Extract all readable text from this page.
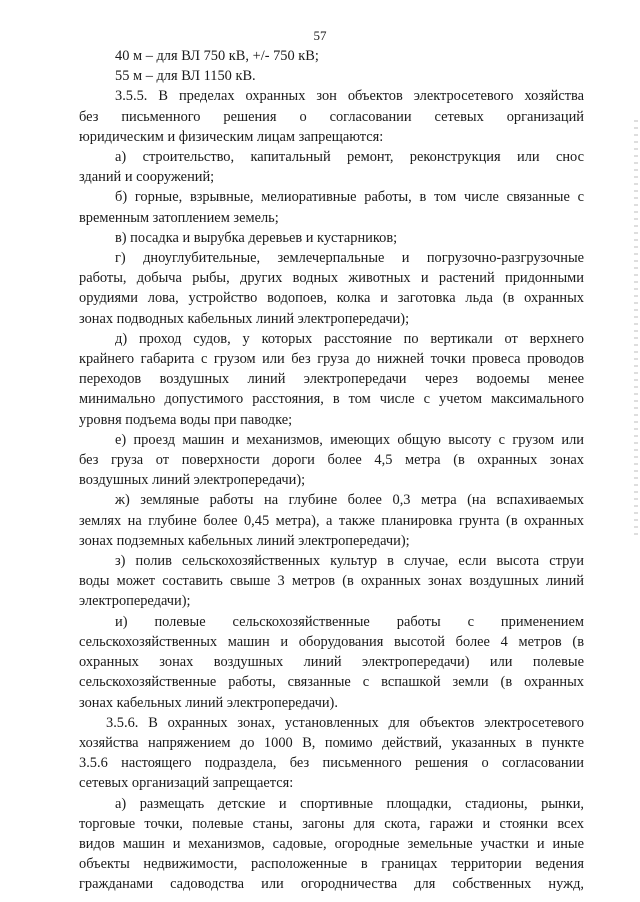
57
40 м – для ВЛ 750 кВ, +/- 750 кВ;
55 м – для ВЛ 1150 кВ.
3.5.5. В пределах охранных зон объектов электросетевого хозяйства
без письменного решения о согласовании сетевых организаций
юридическим и физическим лицам запрещаются:
а) строительство, капитальный ремонт, реконструкция или снос
зданий и сооружений;
б) горные, взрывные, мелиоративные работы, в том числе связанные с
временным затоплением земель;
в) посадка и вырубка деревьев и кустарников;
г) дноуглубительные, землечерпальные и погрузочно-разгрузочные
работы, добыча рыбы, других водных животных и растений придонными
орудиями лова, устройство водопоев, колка и заготовка льда (в охранных
зонах подводных кабельных линий электропередачи);
д) проход судов, у которых расстояние по вертикали от верхнего
крайнего габарита с грузом или без груза до нижней точки провеса проводов
переходов воздушных линий электропередачи через водоемы менее
минимально допустимого расстояния, в том числе с учетом максимального
уровня подъема воды при паводке;
е) проезд машин и механизмов, имеющих общую высоту с грузом или
без груза от поверхности дороги более 4,5 метра (в охранных зонах
воздушных линий электропередачи);
ж) земляные работы на глубине более 0,3 метра (на вспахиваемых
землях на глубине более 0,45 метра), а также планировка грунта (в охранных
зонах подземных кабельных линий электропередачи);
з) полив сельскохозяйственных культур в случае, если высота струи
воды может составить свыше 3 метров (в охранных зонах воздушных линий
электропередачи);
и) полевые сельскохозяйственные работы с применением
сельскохозяйственных машин и оборудования высотой более 4 метров (в
охранных зонах воздушных линий электропередачи) или полевые
сельскохозяйственные работы, связанные с вспашкой земли (в охранных
зонах кабельных линий электропередачи).
3.5.6. В охранных зонах, установленных для объектов электросетевого
хозяйства напряжением до 1000 В, помимо действий, указанных в пункте
3.5.6 настоящего подраздела, без письменного решения о согласовании
сетевых организаций запрещается:
а) размещать детские и спортивные площадки, стадионы, рынки,
торговые точки, полевые станы, загоны для скота, гаражи и стоянки всех
видов машин и механизмов, садовые, огородные земельные участки и иные
объекты недвижимости, расположенные в границах территории ведения
гражданами садоводства или огородничества для собственных нужд,
